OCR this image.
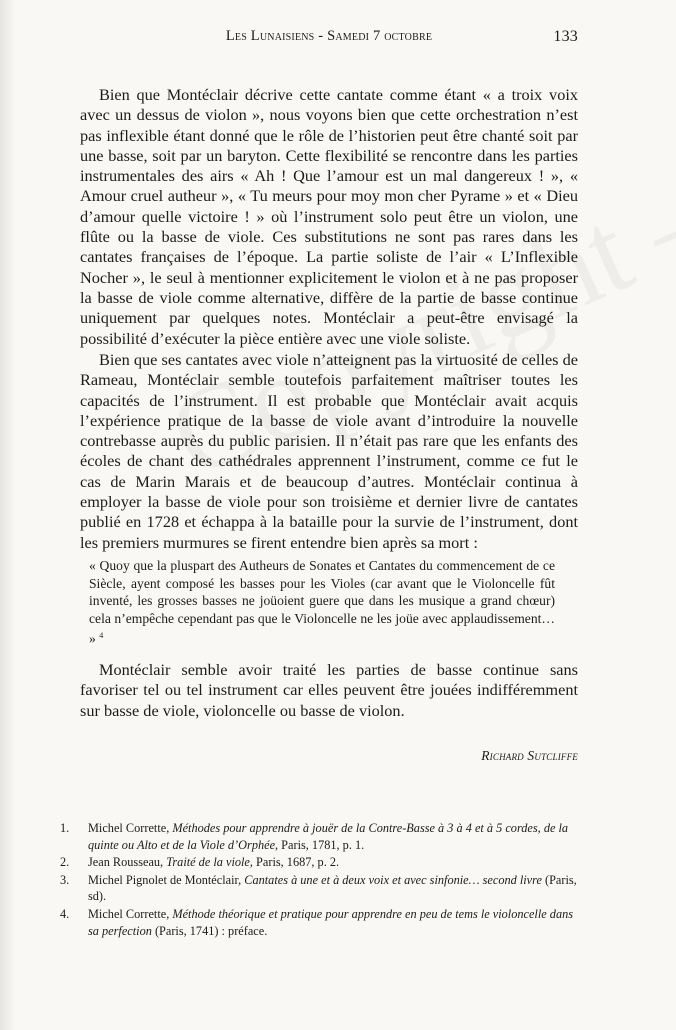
Les Lunaisiens - Samedi 7 octobre	133

Bien que Montéclair décrive cette cantate comme étant « a troix voix avec un dessus de violon », nous voyons bien que cette orchestration n’est pas inflexible étant donné que le rôle de l’historien peut être chanté soit par une basse, soit par un baryton. Cette flexibilité se rencontre dans les parties instrumentales des airs « Ah ! Que l’amour est un mal dangereux ! », « Amour cruel autheur », « Tu meurs pour moy mon cher Pyrame » et « Dieu d’amour quelle victoire ! » où l’instrument solo peut être un violon, une flûte ou la basse de viole. Ces substitutions ne sont pas rares dans les cantates françaises de l’époque. La partie soliste de l’air « L’Inflexible Nocher », le seul à mentionner explicitement le violon et à ne pas proposer la basse de viole comme alternative, diffère de la partie de basse continue uniquement par quelques notes. Montéclair a peut-être envisagé la possibilité d’exécuter la pièce entière avec une viole soliste.

Bien que ses cantates avec viole n’atteignent pas la virtuosité de celles de Rameau, Montéclair semble toutefois parfaitement maîtriser toutes les capacités de l’instrument. Il est probable que Montéclair avait acquis l’expérience pratique de la basse de viole avant d’introduire la nouvelle contrebasse auprès du public parisien. Il n’était pas rare que les enfants des écoles de chant des cathédrales apprennent l’instrument, comme ce fut le cas de Marin Marais et de beaucoup d’autres. Montéclair continua à employer la basse de viole pour son troisième et dernier livre de cantates publié en 1728 et échappa à la bataille pour la survie de l’instrument, dont les premiers murmures se firent entendre bien après sa mort :

« Quoy que la pluspart des Autheurs de Sonates et Cantates du commencement de ce Siècle, ayent composé les basses pour les Violes (car avant que le Violoncelle fût inventé, les grosses basses ne joüoient guere que dans les musique a grand chœur) cela n’empêche cependant pas que le Violoncelle ne les joüe avec applaudissement… » $^4$

Montéclair semble avoir traité les parties de basse continue sans favoriser tel ou tel instrument car elles peuvent être jouées indifféremment sur basse de viole, violoncelle ou basse de violon.

Richard Sutcliffe
1. Michel Corrette, Méthodes pour apprendre à jouër de la Contre-Basse à 3 à 4 et à 5 cordes, de la quinte ou Alto et de la Viole d’Orphée, Paris, 1781, p. 1.
2. Jean Rousseau, Traité de la viole, Paris, 1687, p. 2.
3. Michel Pignolet de Montéclair, Cantates à une et à deux voix et avec sinfonie… second livre (Paris, sd).
4. Michel Corrette, Méthode théorique et pratique pour apprendre en peu de tems le violoncelle dans sa perfection (Paris, 1741) : préface.
